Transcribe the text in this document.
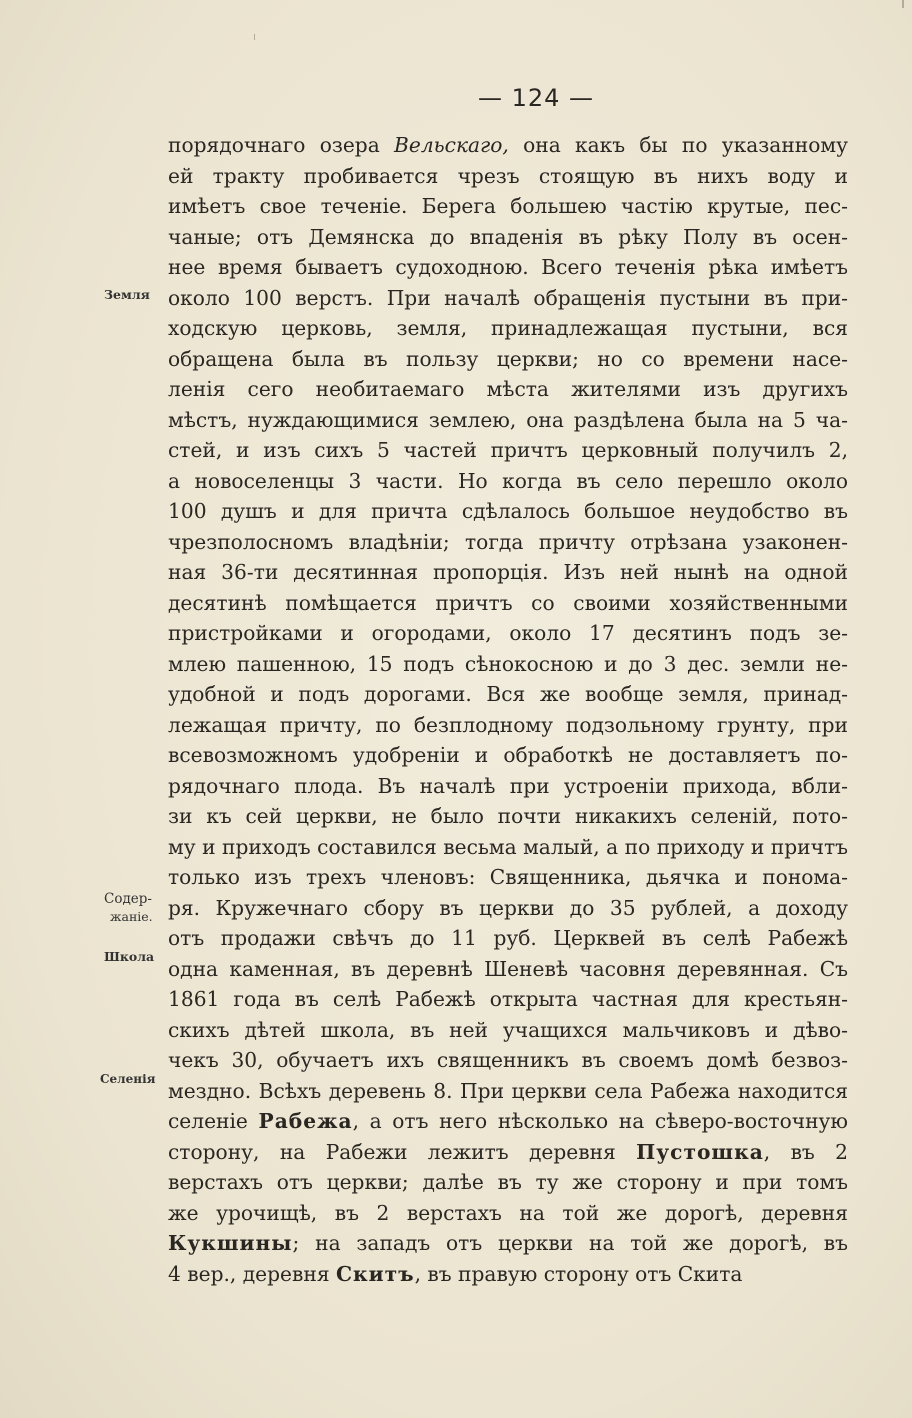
— 124 —
Земля
Содер-
жаніе.
Школа
Селенія
порядочнаго озера Вельскаго, она какъ бы по указанному
ей тракту пробивается чрезъ стоящую въ нихъ воду и
имѣетъ свое теченіе. Берега большею частію крутые, пес-
чаные; отъ Демянска до впаденія въ рѣку Полу въ осен-
нее время бываетъ судоходною. Всего теченія рѣка имѣетъ
около 100 верстъ. При началѣ обращенія пустыни въ при-
ходскую церковь, земля, принадлежащая пустыни, вся
обращена была въ пользу церкви; но со времени насе-
ленія сего необитаемаго мѣста жителями изъ другихъ
мѣстъ, нуждающимися землею, она раздѣлена была на 5 ча-
стей, и изъ сихъ 5 частей причтъ церковный получилъ 2,
а новоселенцы 3 части. Но когда въ село перешло около
100 душъ и для причта сдѣлалось большое неудобство въ
чрезполосномъ владѣніи; тогда причту отрѣзана узаконен-
ная 36-ти десятинная пропорція. Изъ ней нынѣ на одной
десятинѣ помѣщается причтъ со своими хозяйственными
пристройками и огородами, около 17 десятинъ подъ зе-
млею пашенною, 15 подъ сѣнокосною и до 3 дес. земли не-
удобной и подъ дорогами. Вся же вообще земля, принад-
лежащая причту, по безплодному подзольному грунту, при
всевозможномъ удобреніи и обработкѣ не доставляетъ по-
рядочнаго плода. Въ началѣ при устроеніи прихода, вбли-
зи къ сей церкви, не было почти никакихъ селеній, пото-
му и приходъ составился весьма малый, а по приходу и причтъ
только изъ трехъ членовъ: Священника, дьячка и понома-
ря. Кружечнаго сбору въ церкви до 35 рублей, а доходу
отъ продажи свѣчъ до 11 руб. Церквей въ селѣ Рабежѣ
одна каменная, въ деревнѣ Шеневѣ часовня деревянная. Съ
1861 года въ селѣ Рабежѣ открыта частная для крестьян-
скихъ дѣтей школа, въ ней учащихся мальчиковъ и дѣво-
чекъ 30, обучаетъ ихъ священникъ въ своемъ домѣ безвоз-
мездно. Всѣхъ деревень 8. При церкви села Рабежа находится
селеніе Рабежа, а отъ него нѣсколько на сѣверо-восточную
сторону, на Рабежи лежитъ деревня Пустошка, въ 2
верстахъ отъ церкви; далѣе въ ту же сторону и при томъ
же урочищѣ, въ 2 верстахъ на той же дорогѣ, деревня
Кукшины; на западъ отъ церкви на той же дорогѣ, въ
4 вер., деревня Скитъ, въ правую сторону отъ Скита
